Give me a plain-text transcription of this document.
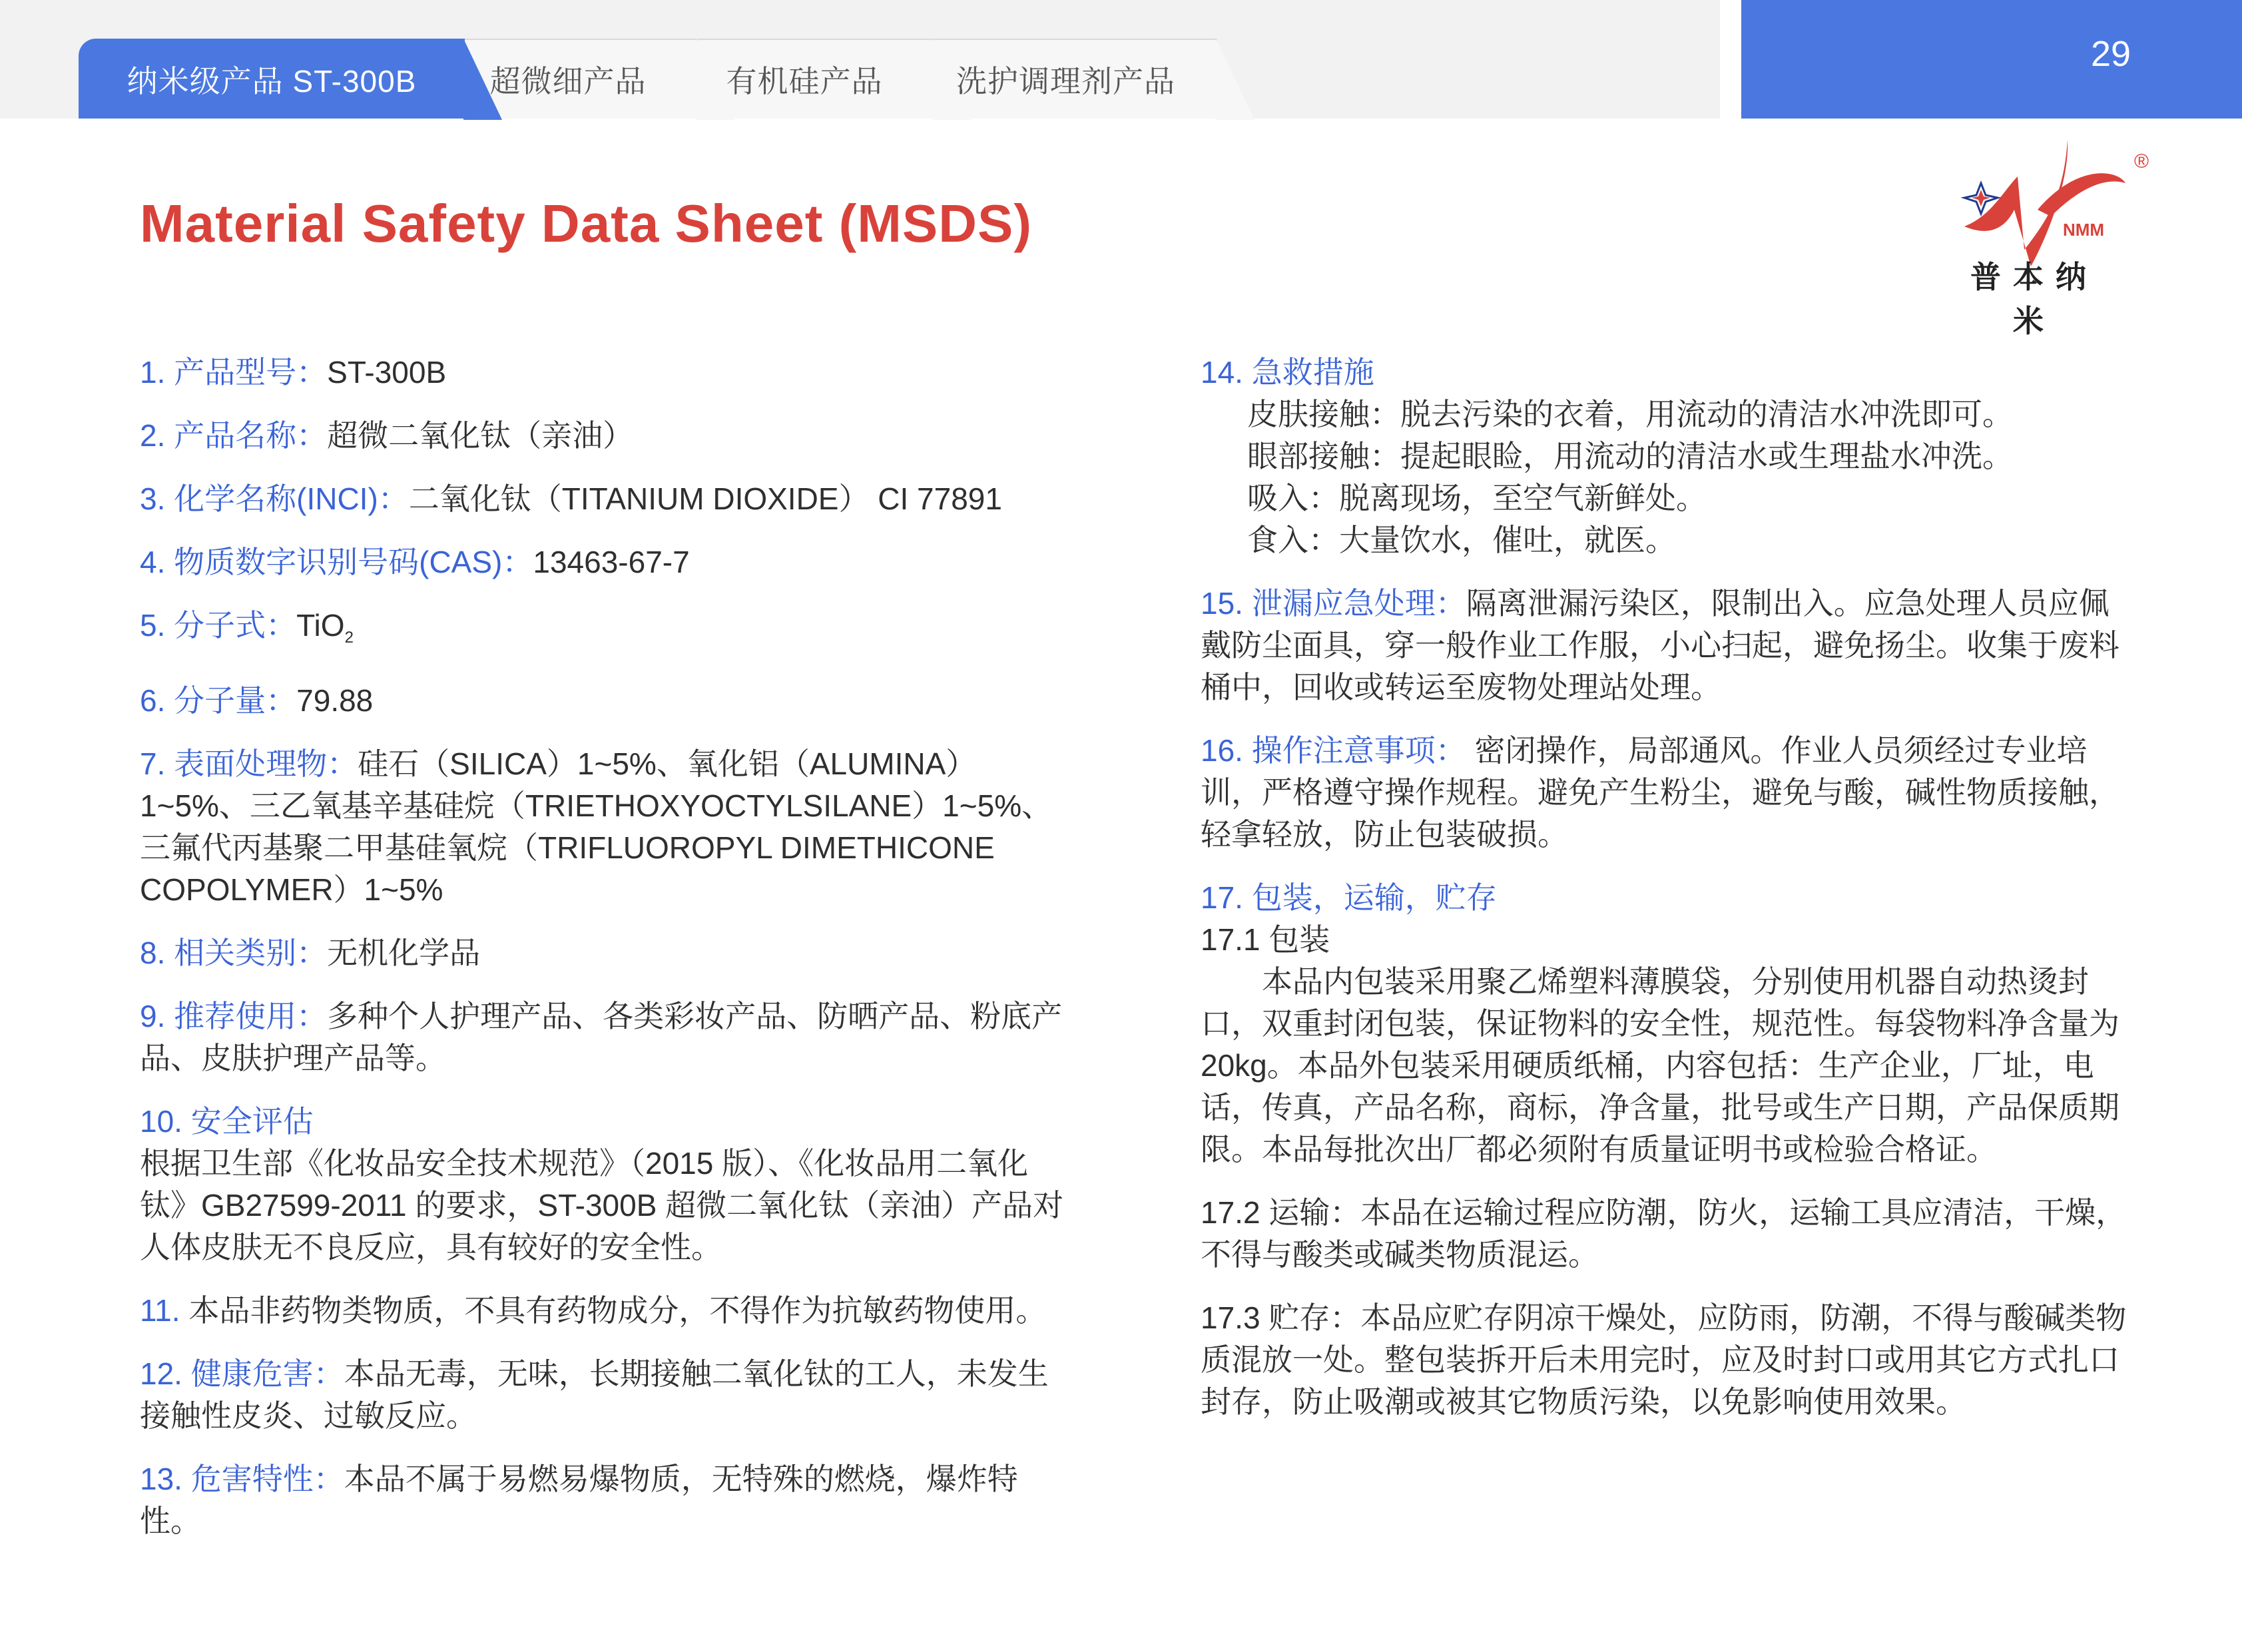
纳米级产品 ST-300B 超微细产品	有机硅产品 洗护调理剂产品
29
®
NMM
普本纳米
Material Safety Data Sheet (MSDS)

1. 产品型号：ST-300B

2. 产品名称：超微二氧化钛（亲油）

3. 化学名称(INCI)：二氧化钛（TITANIUM DIOXIDE） CI 77891

4. 物质数字识别号码(CAS)：13463-67-7

5. 分子式：TiO$_2$

6. 分子量：79.88

7. 表面处理物：硅石（SILICA）1~5%、氧化铝（ALUMINA）1~5%、三乙氧基辛基硅烷（TRIETHOXYOCTYLSILANE）1~5%、三氟代丙基聚二甲基硅氧烷（TRIFLUOROPYL DIMETHICONE COPOLYMER）1~5%

8. 相关类别：无机化学品

9. 推荐使用：多种个人护理产品、各类彩妆产品、防晒产品、粉底产品、皮肤护理产品等。

10. 安全评估

根据卫生部《化妆品安全技术规范》（2015 版）、《化妆品用二氧化钛》GB27599-2011 的要求，ST-300B 超微二氧化钛（亲油）产品对人体皮肤无不良反应，具有较好的安全性。

11. 本品非药物类物质，不具有药物成分，不得作为抗敏药物使用。

12. 健康危害：本品无毒，无味，长期接触二氧化钛的工人，未发生接触性皮炎、过敏反应。

13. 危害特性：本品不属于易燃易爆物质，无特殊的燃烧，爆炸特性。

14. 急救措施

皮肤接触：脱去污染的衣着，用流动的清洁水冲洗即可。

眼部接触：提起眼睑，用流动的清洁水或生理盐水冲洗。

吸入：脱离现场，至空气新鲜处。

食入：大量饮水，催吐，就医。

15. 泄漏应急处理：隔离泄漏污染区，限制出入。应急处理人员应佩戴防尘面具，穿一般作业工作服，小心扫起，避免扬尘。收集于废料桶中，回收或转运至废物处理站处理。

16. 操作注意事项： 密闭操作，局部通风。作业人员须经过专业培训，严格遵守操作规程。避免产生粉尘，避免与酸，碱性物质接触，轻拿轻放，防止包装破损。

17. 包装，运输，贮存

17.1 包装

本品内包装采用聚乙烯塑料薄膜袋，分别使用机器自动热烫封口，双重封闭包装，保证物料的安全性，规范性。每袋物料净含量为20kg。本品外包装采用硬质纸桶，内容包括：生产企业，厂址，电话，传真，产品名称，商标，净含量，批号或生产日期，产品保质期限。本品每批次出厂都必须附有质量证明书或检验合格证。

17.2 运输：本品在运输过程应防潮，防火，运输工具应清洁，干燥，不得与酸类或碱类物质混运。

17.3 贮存：本品应贮存阴凉干燥处，应防雨，防潮，不得与酸碱类物质混放一处。整包装拆开后未用完时，应及时封口或用其它方式扎口封存，防止吸潮或被其它物质污染，以免影响使用效果。
